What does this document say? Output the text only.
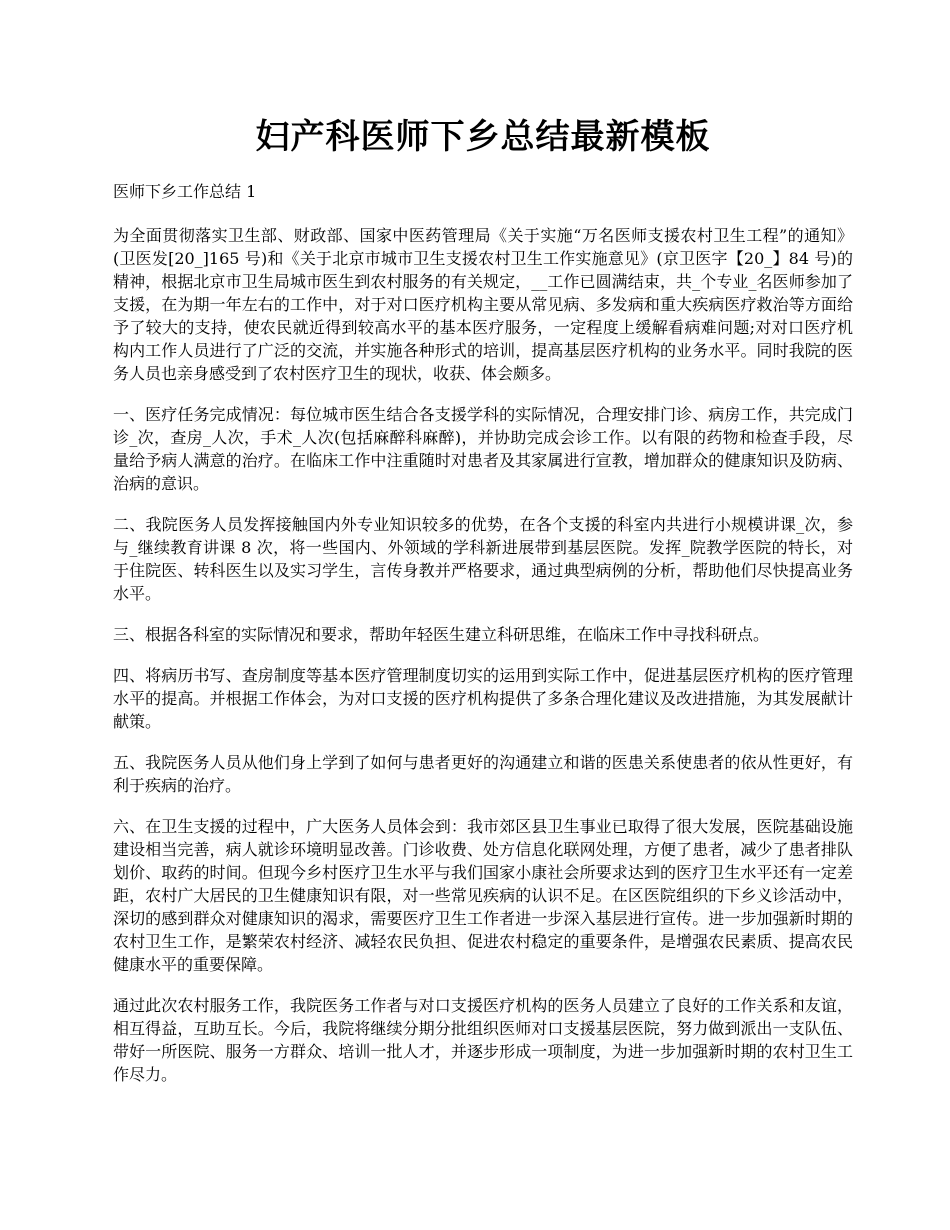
妇产科医师下乡总结最新模板
医师下乡工作总结 1

为全面贯彻落实卫生部、财政部、国家中医药管理局《关于实施“万名医师支援农村卫生工程”的通知》(卫医发[20_]165 号)和《关于北京市城市卫生支援农村卫生工作实施意见》(京卫医字【20_】84 号)的精神，根据北京市卫生局城市医生到农村服务的有关规定，__工作已圆满结束，共_个专业_名医师参加了支援，在为期一年左右的工作中，对于对口医疗机构主要从常见病、多发病和重大疾病医疗救治等方面给予了较大的支持，使农民就近得到较高水平的基本医疗服务，一定程度上缓解看病难问题;对对口医疗机构内工作人员进行了广泛的交流，并实施各种形式的培训，提高基层医疗机构的业务水平。同时我院的医务人员也亲身感受到了农村医疗卫生的现状，收获、体会颇多。

一、医疗任务完成情况：每位城市医生结合各支援学科的实际情况，合理安排门诊、病房工作，共完成门诊_次，查房_人次，手术_人次(包括麻醉科麻醉)，并协助完成会诊工作。以有限的药物和检查手段，尽量给予病人满意的治疗。在临床工作中注重随时对患者及其家属进行宣教，增加群众的健康知识及防病、治病的意识。

二、我院医务人员发挥接触国内外专业知识较多的优势，在各个支援的科室内共进行小规模讲课_次，参与_继续教育讲课 8 次，将一些国内、外领域的学科新进展带到基层医院。发挥_院教学医院的特长，对于住院医、转科医生以及实习学生，言传身教并严格要求，通过典型病例的分析，帮助他们尽快提高业务水平。

三、根据各科室的实际情况和要求，帮助年轻医生建立科研思维，在临床工作中寻找科研点。

四、将病历书写、查房制度等基本医疗管理制度切实的运用到实际工作中，促进基层医疗机构的医疗管理水平的提高。并根据工作体会，为对口支援的医疗机构提供了多条合理化建议及改进措施，为其发展献计献策。

五、我院医务人员从他们身上学到了如何与患者更好的沟通建立和谐的医患关系使患者的依从性更好，有利于疾病的治疗。

六、在卫生支援的过程中，广大医务人员体会到：我市郊区县卫生事业已取得了很大发展，医院基础设施建设相当完善，病人就诊环境明显改善。门诊收费、处方信息化联网处理，方便了患者，减少了患者排队划价、取药的时间。但现今乡村医疗卫生水平与我们国家小康社会所要求达到的医疗卫生水平还有一定差距，农村广大居民的卫生健康知识有限，对一些常见疾病的认识不足。在区医院组织的下乡义诊活动中，深切的感到群众对健康知识的渴求，需要医疗卫生工作者进一步深入基层进行宣传。进一步加强新时期的农村卫生工作，是繁荣农村经济、减轻农民负担、促进农村稳定的重要条件，是增强农民素质、提高农民健康水平的重要保障。

通过此次农村服务工作，我院医务工作者与对口支援医疗机构的医务人员建立了良好的工作关系和友谊，相互得益，互助互长。今后，我院将继续分期分批组织医师对口支援基层医院，努力做到派出一支队伍、带好一所医院、服务一方群众、培训一批人才，并逐步形成一项制度，为进一步加强新时期的农村卫生工作尽力。
